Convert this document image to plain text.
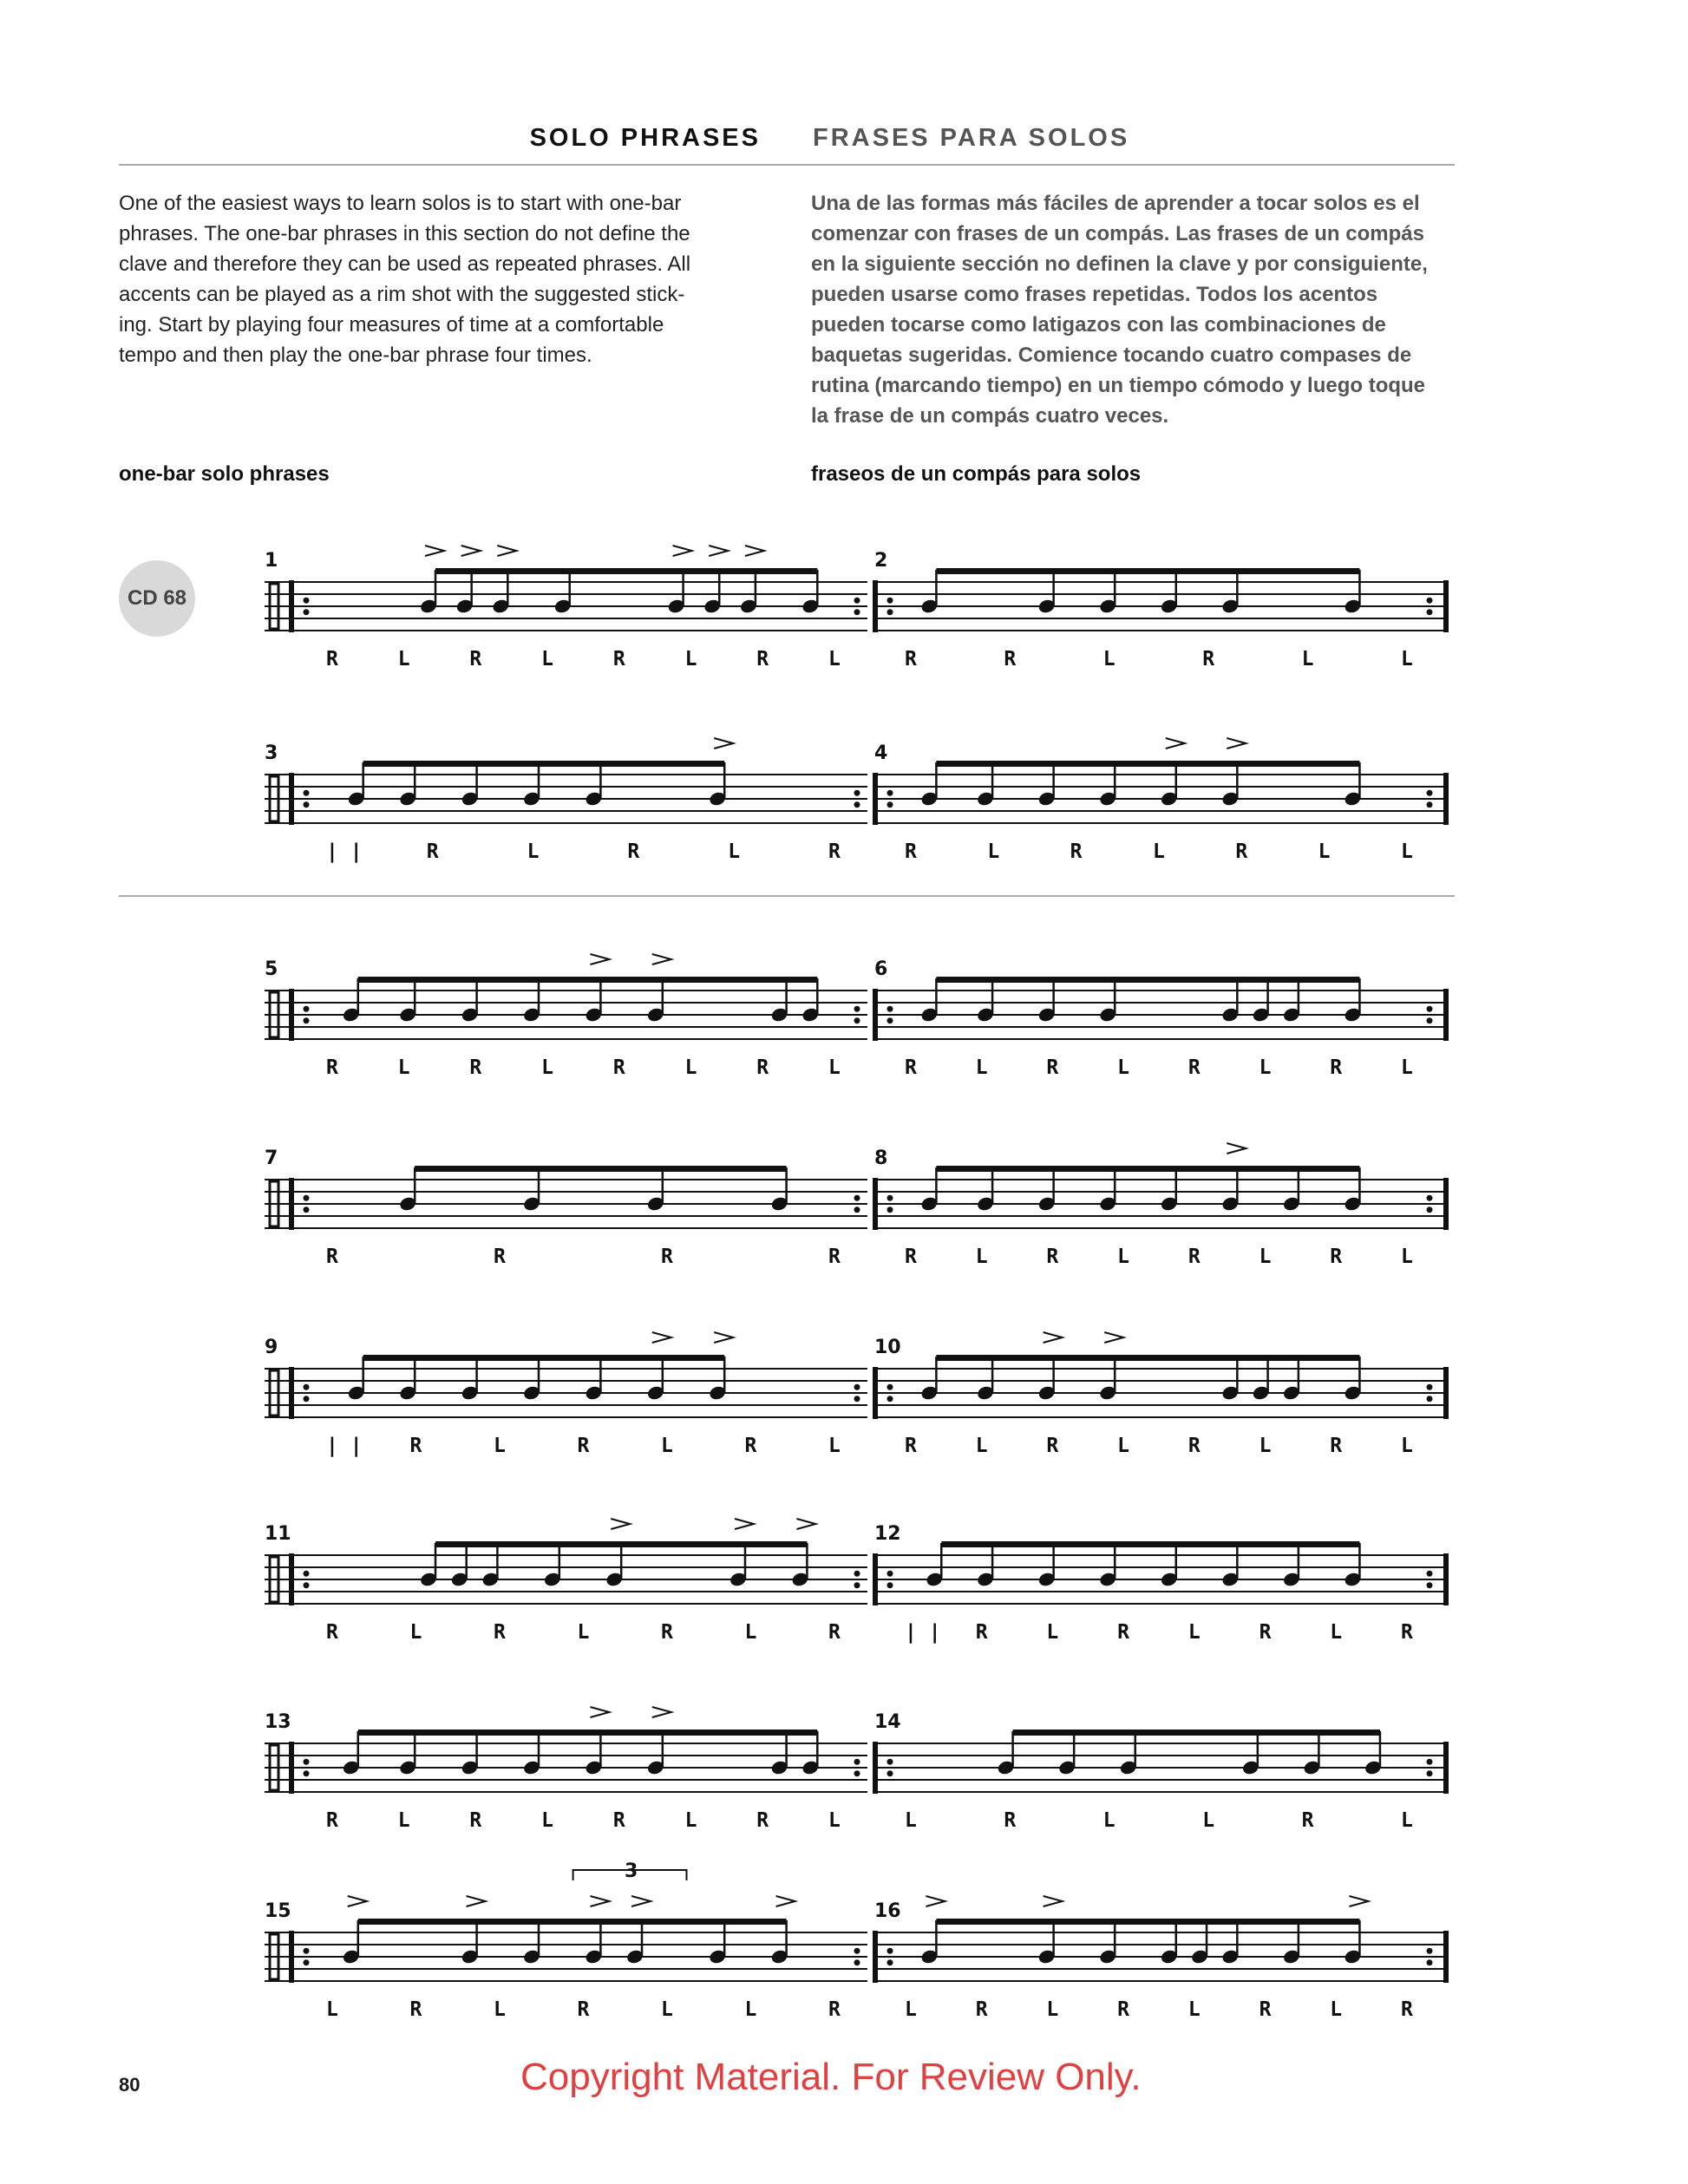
SOLO PHRASES FRASES PARA SOLOS
One of the easiest ways to learn solos is to start with one-bar
phrases. The one-bar phrases in this section do not define the
clave and therefore they can be used as repeated phrases. All
accents can be played as a rim shot with the suggested stick-
ing. Start by playing four measures of time at a comfortable
tempo and then play the one-bar phrase four times.
Una de las formas más fáciles de aprender a tocar solos es el
comenzar con frases de un compás. Las frases de un compás
en la siguiente sección no definen la clave y por consiguiente,
pueden usarse como frases repetidas. Todos los acentos
pueden tocarse como latigazos con las combinaciones de
baquetas sugeridas. Comience tocando cuatro compases de
rutina (marcando tiempo) en un tiempo cómodo y luego toque
la frase de un compás cuatro veces.
one-bar solo phrases	fraseos de un compás para solos
CD 68
1
R	L	R	L	R	L	R	L
2
R	R	L	R	L	L
3
| |	R	L	R	L	R
4
R	L	R	L	R	L	L
5
R	L	R	L	R	L	R	L
6
R	L	R	L	R	L	R	L
7
R	R	R	R
8
R	L	R	L	R	L	R	L
9
| | R	L	R	L	R	L
10
R	L	R	L	R	L	R	L
11
R	L	R	L	R	L	R
12
| | R	L	R	L	R	L	R
13
R	L	R	L	R	L	R	L
14
L	R	L	L	R	L
15
3
L	R	L	R	L	L	R
16
L	R	L	R	L	R	L	R
80	Copyright Material. For Review Only.
